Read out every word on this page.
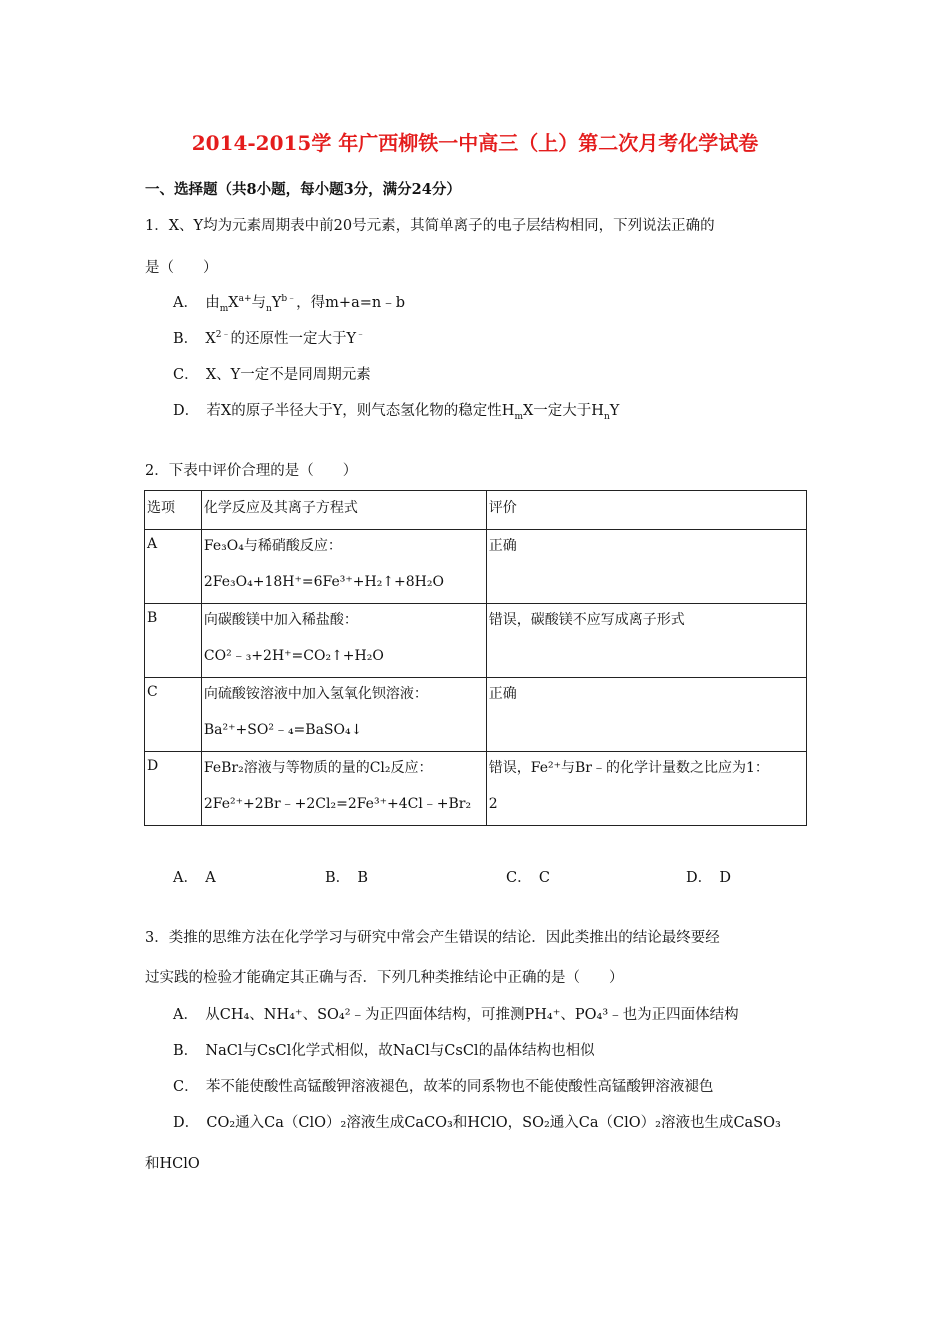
2014-2015学 年广西柳铁一中高三（上）第二次月考化学试卷
一、选择题（共8小题，每小题3分，满分24分）
1．X、Y均为元素周期表中前20号元素，其简单离子的电子层结构相同，下列说法正确的
是（　　）
A．　 由$_mX^{a+}$与$_nY^{b﹣}$，得m+a=n﹣b
B．　 $X^{2﹣}$的还原性一定大于Y﹣
C．　 X、Y一定不是同周期元素
D．　 若X的原子半径大于Y，则气态氢化物的稳定性$H_mX$一定大于$H_nY$
2．下表中评价合理的是（　　）
选项	化学反应及其离子方程式	评价
A	Fe₃O₄与稀硝酸反应：
2Fe₃O₄+18H⁺=6Fe³⁺+H₂↑+8H₂O	正确

B	向碳酸镁中加入稀盐酸：
CO²﹣₃+2H⁺=CO₂↑+H₂O	错误，碳酸镁不应写成离子形式

C	向硫酸铵溶液中加入氢氧化钡溶液：
Ba²⁺+SO²﹣₄=BaSO₄↓	正确

D	FeBr₂溶液与等物质的量的Cl₂反应：
2Fe²⁺+2Br﹣+2Cl₂=2Fe³⁺+4Cl﹣+Br₂	错误，Fe²⁺与Br﹣的化学计量数之比应为1：
2
A．　A	B．　B	C．　C	D．　D
3．类推的思维方法在化学学习与研究中常会产生错误的结论．因此类推出的结论最终要经
过实践的检验才能确定其正确与否．下列几种类推结论中正确的是（　　）
A．　从CH₄、NH₄⁺、SO₄²﹣为正四面体结构，可推测PH₄⁺、PO₄³﹣也为正四面体结构
B．　NaCl与CsCl化学式相似，故NaCl与CsCl的晶体结构也相似
C．　苯不能使酸性高锰酸钾溶液褪色，故苯的同系物也不能使酸性高锰酸钾溶液褪色
D．　CO₂通入Ca（ClO）₂溶液生成CaCO₃和HClO，SO₂通入Ca（ClO）₂溶液也生成CaSO₃
和HClO
